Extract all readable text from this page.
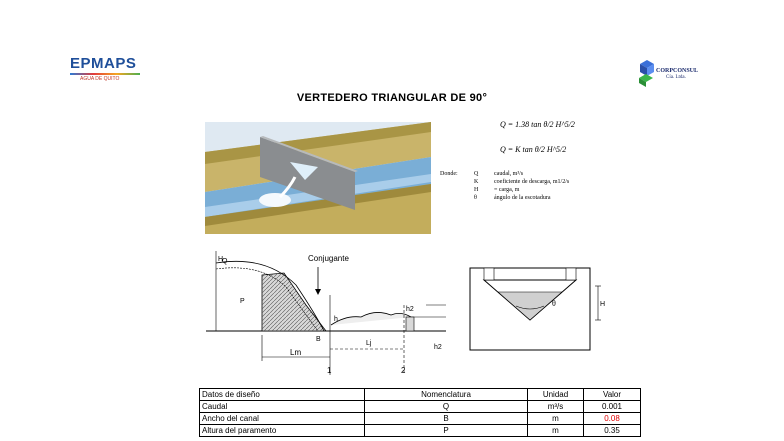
EPMAPS
AGUA DE QUITO
CORPCONSUL
Cía. Ltda.
VERTEDERO TRIANGULAR DE 90°
Q = 1.38 tan θ/2 H^5/2
Q = K tan θ/2 H^5/2
Donde:	Q	caudal, m³/s
K	coeficiente de descarga, m1/2/s
H	= carga, m
θ	ángulo de la escotadura
Conjugante
Q
H
P
h
h2
B
Lm
Lj
1	2
h2
θ	H
Datos de diseño	Nomenclatura	Unidad	Valor
Caudal	Q	m³/s	0.001
Ancho del canal	B	m	0.08
Altura del paramento	P	m	0.35
